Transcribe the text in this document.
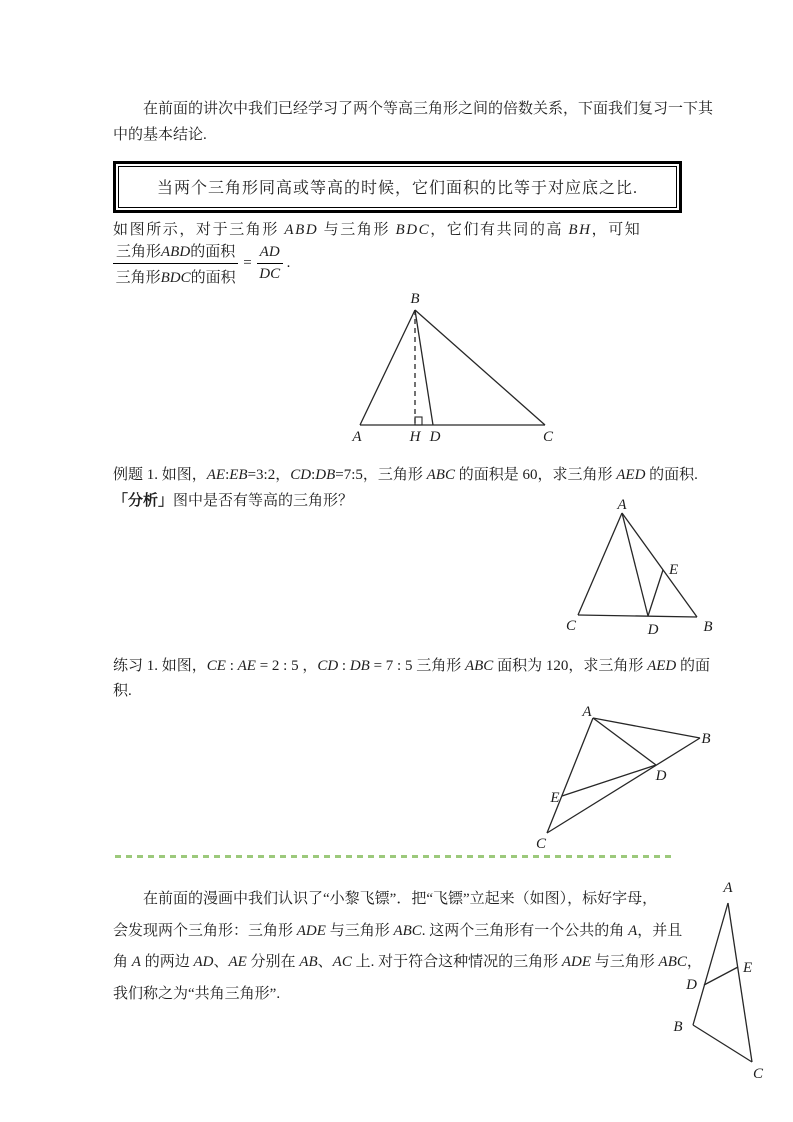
在前面的讲次中我们已经学习了两个等高三角形之间的倍数关系，下面我们复习一下其
中的基本结论.
当两个三角形同高或等高的时候，它们面积的比等于对应底之比.
如图所示，对于三角形 ABD 与三角形 BDC，它们有共同的高 BH，可知
$\frac{\text{三角形ABD的面积}}{\text{三角形BDC的面积}} = \frac{AD}{DC}$ .
B
A	H D	C
例题 1. 如图，AE:EB=3:2，CD:DB=7:5，三角形 ABC 的面积是 60，求三角形 AED 的面积.
「分析」图中是否有等高的三角形？	A
E
C	D	B
练习 1. 如图，CE : AE = 2 : 5 ，CD : DB = 7 : 5 三角形 ABC 面积为 120，求三角形 AED 的面
积.
A
B
D
E
C
在前面的漫画中我们认识了“小黎飞镖”．把“飞镖”立起来（如图），标好字母，
会发现两个三角形：三角形 ADE 与三角形 ABC. 这两个三角形有一个公共的角 A，并且
角 A 的两边 AD、AE 分别在 AB、AC 上. 对于符合这种情况的三角形 ADE 与三角形 ABC，
我们称之为“共角三角形”.
A
E
D
B
C
